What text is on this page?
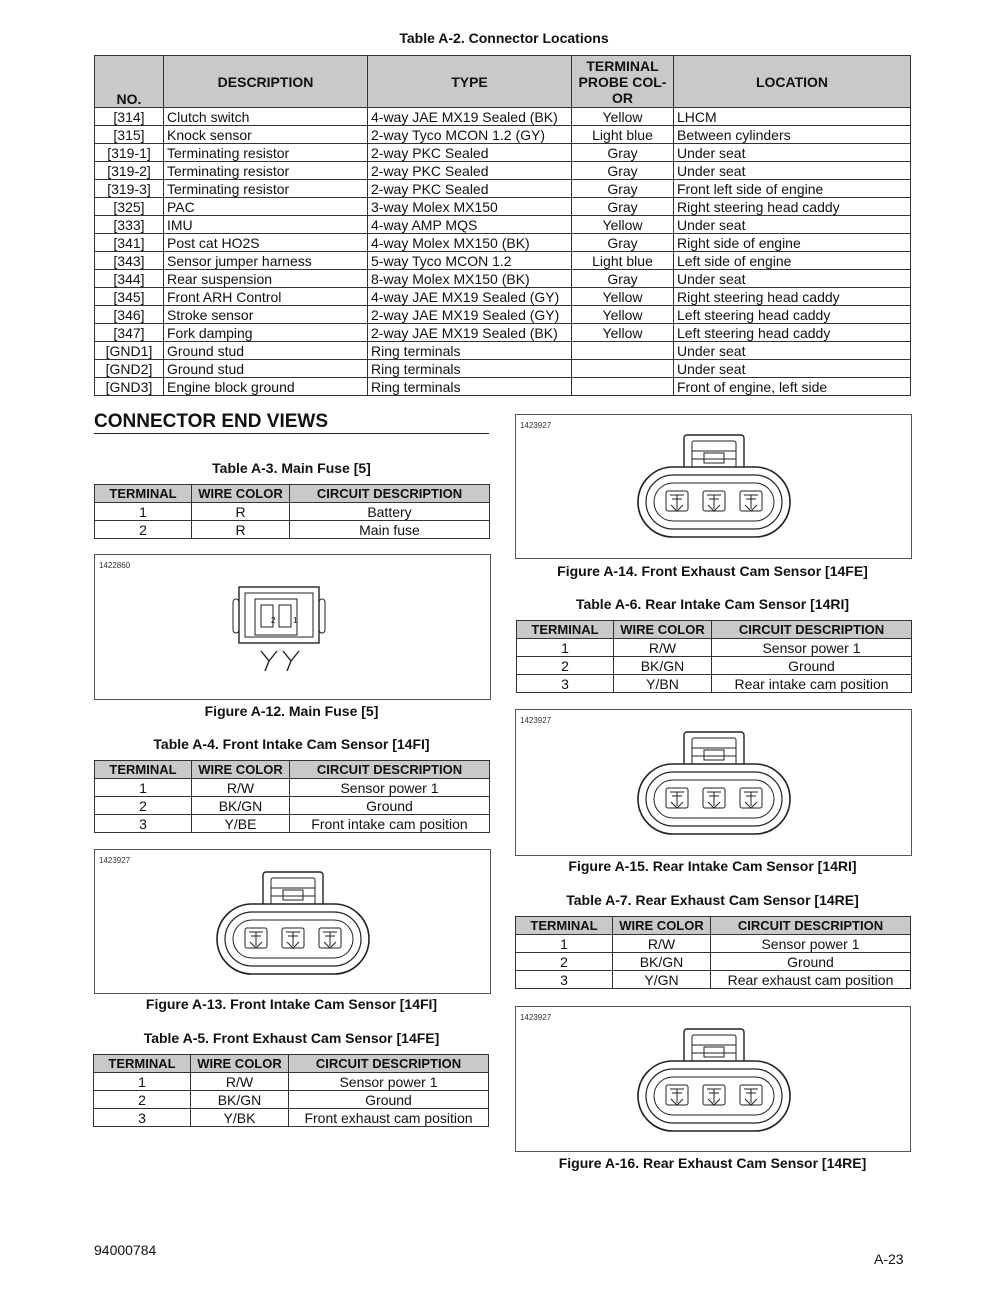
Table A-2. Connector Locations
NO.	DESCRIPTION	TYPE	TERMINAL PROBE COL- OR	LOCATION
[314]	Clutch switch	4-way JAE MX19 Sealed (BK)	Yellow	LHCM
[315]	Knock sensor	2-way Tyco MCON 1.2 (GY)	Light blue	Between cylinders
[319-1]	Terminating resistor	2-way PKC Sealed	Gray	Under seat
[319-2]	Terminating resistor	2-way PKC Sealed	Gray	Under seat
[319-3]	Terminating resistor	2-way PKC Sealed	Gray	Front left side of engine
[325]	PAC	3-way Molex MX150	Gray	Right steering head caddy
[333]	IMU	4-way AMP MQS	Yellow	Under seat
[341]	Post cat HO2S	4-way Molex MX150 (BK)	Gray	Right side of engine
[343]	Sensor jumper harness	5-way Tyco MCON 1.2	Light blue	Left side of engine
[344]	Rear suspension	8-way Molex MX150 (BK)	Gray	Under seat
[345]	Front ARH Control	4-way JAE MX19 Sealed (GY)	Yellow	Right steering head caddy
[346]	Stroke sensor	2-way JAE MX19 Sealed (GY)	Yellow	Left steering head caddy
[347]	Fork damping	2-way JAE MX19 Sealed (BK)	Yellow	Left steering head caddy
[GND1]	Ground stud	Ring terminals		Under seat
[GND2]	Ground stud	Ring terminals		Under seat
[GND3]	Engine block ground	Ring terminals		Front of engine, left side
CONNECTOR END VIEWS
Table A-3. Main Fuse [5]
TERMINAL	WIRE COLOR	CIRCUIT DESCRIPTION
1	R	Battery
2	R	Main fuse
1422860
2 1
Figure A-12. Main Fuse [5]
Table A-4. Front Intake Cam Sensor [14FI]
TERMINAL	WIRE COLOR	CIRCUIT DESCRIPTION
1	R/W	Sensor power 1
2	BK/GN	Ground
3	Y/BE	Front intake cam position
1423927
Figure A-13. Front Intake Cam Sensor [14FI]
Table A-5. Front Exhaust Cam Sensor [14FE]
TERMINAL	WIRE COLOR	CIRCUIT DESCRIPTION
1	R/W	Sensor power 1
2	BK/GN	Ground
3	Y/BK	Front exhaust cam position
1423927
Figure A-14. Front Exhaust Cam Sensor [14FE]
Table A-6. Rear Intake Cam Sensor [14RI]
TERMINAL	WIRE COLOR	CIRCUIT DESCRIPTION
1	R/W	Sensor power 1
2	BK/GN	Ground
3	Y/BN	Rear intake cam position
1423927
Figure A-15. Rear Intake Cam Sensor [14RI]
Table A-7. Rear Exhaust Cam Sensor [14RE]
TERMINAL	WIRE COLOR	CIRCUIT DESCRIPTION
1	R/W	Sensor power 1
2	BK/GN	Ground
3	Y/GN	Rear exhaust cam position
1423927
Figure A-16. Rear Exhaust Cam Sensor [14RE]
94000784
A-23
